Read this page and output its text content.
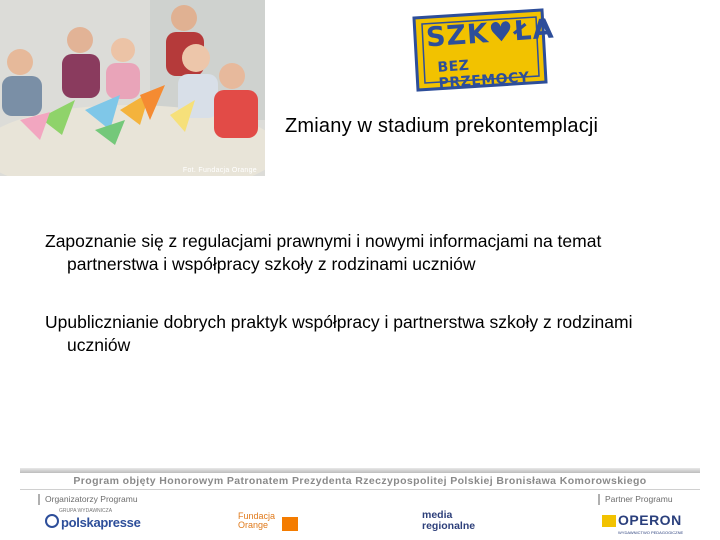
Fot. Fundacja Orange
SZK♥ŁA
BEZ PRZEMOCY
Zmiany w stadium prekontemplacji

Zapoznanie się z regulacjami prawnymi i nowymi informacjami na temat partnerstwa i współpracy szkoły z rodzinami uczniów

Upublicznianie dobrych praktyk współpracy i partnerstwa szkoły z rodzinami uczniów

Program objęty Honorowym Patronatem Prezydenta Rzeczypospolitej Polskiej Bronisława Komorowskiego
Organizatorzy Programu	Partner Programu
GRUPA WYDAWNICZA
polskapresse	Fundacja
Orange
media
regionalne	OPERON
WYDAWNICTWO PEDAGOGICZNE
